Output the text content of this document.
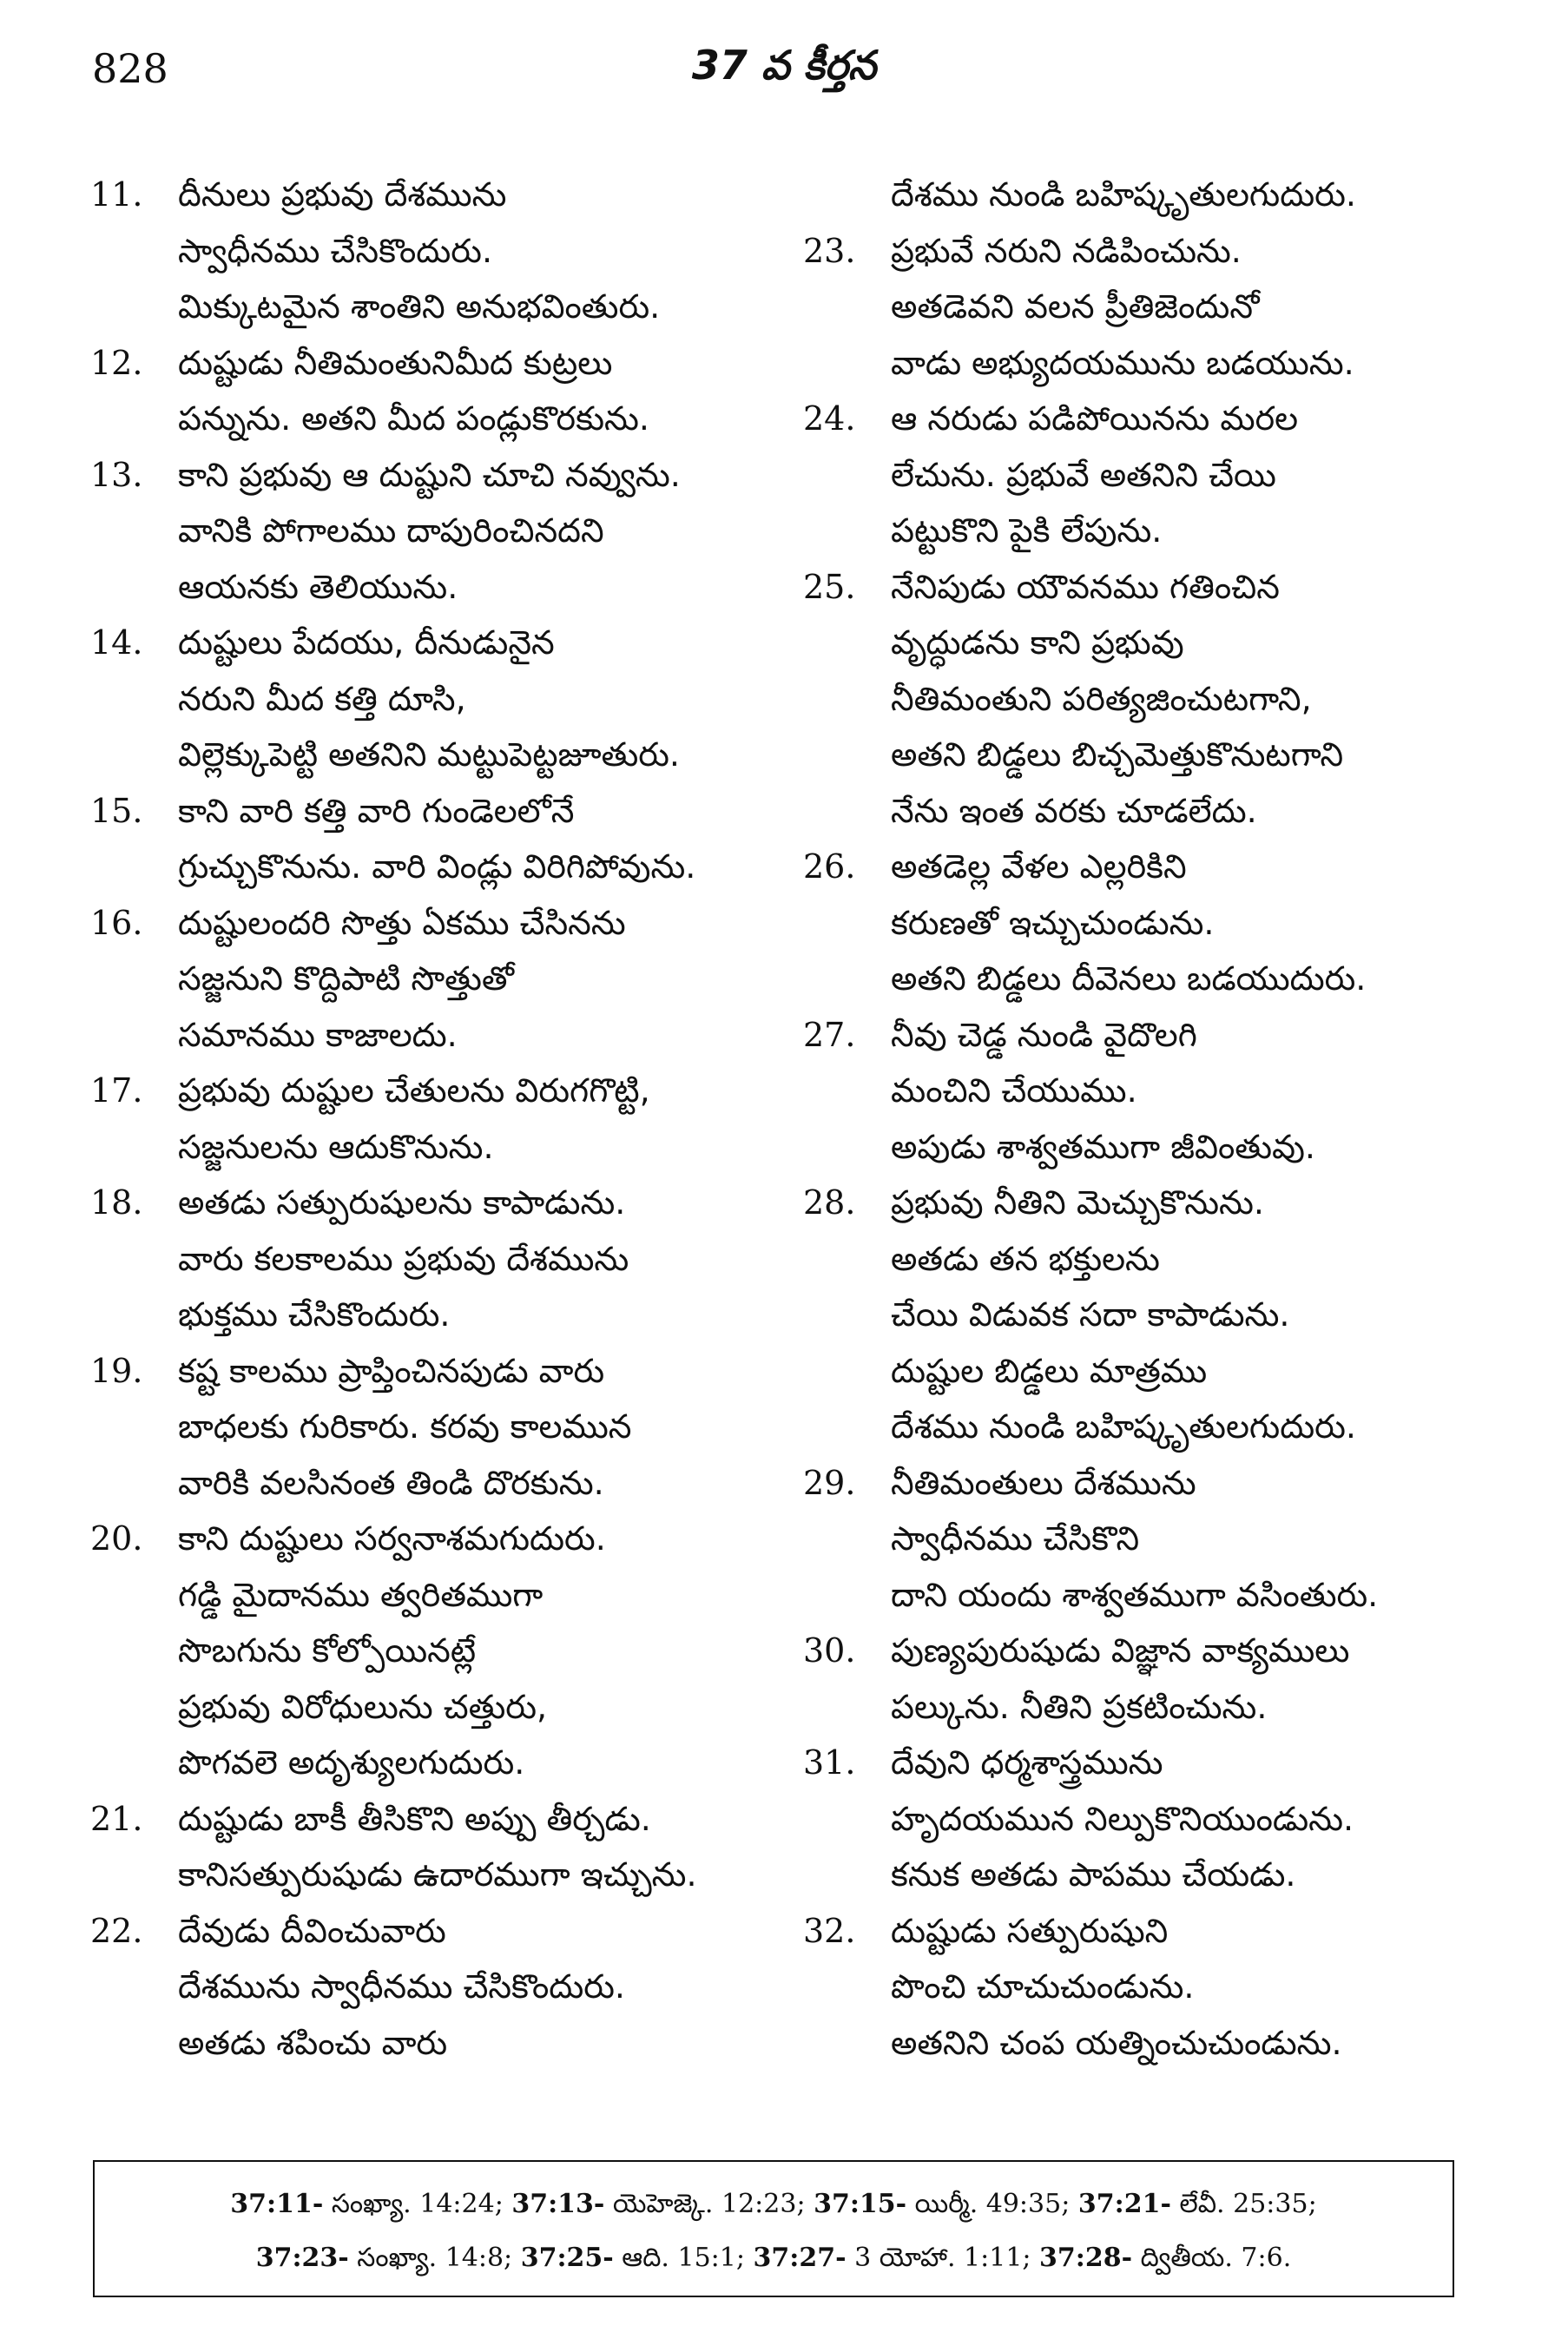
828	37 వ కీర్తన
11.	దీనులు ప్రభువు దేశమును
స్వాధీనము చేసికొందురు.
మిక్కుటమైన శాంతిని అనుభవింతురు.
12.	దుష్టుడు నీతిమంతునిమీద కుట్రలు
పన్నును. అతని మీద పండ్లుకొరకును.
13.	కాని ప్రభువు ఆ దుష్టుని చూచి నవ్వును.
వానికి పోగాలము దాపురించినదని
ఆయనకు తెలియును.
14.	దుష్టులు పేదయు, దీనుడునైన
నరుని మీద కత్తి దూసి,
విల్లెక్కుపెట్టి అతనిని మట్టుపెట్టజూతురు.
15.	కాని వారి కత్తి వారి గుండెలలోనే
గ్రుచ్చుకొనును. వారి విండ్లు విరిగిపోవును.
16.	దుష్టులందరి సొత్తు ఏకము చేసినను
సజ్జనుని కొద్దిపాటి సొత్తుతో
సమానము కాజాలదు.
17.	ప్రభువు దుష్టుల చేతులను విరుగగొట్టి,
సజ్జనులను ఆదుకొనును.
18.	అతడు సత్పురుషులను కాపాడును.
వారు కలకాలము ప్రభువు దేశమును
భుక్తము చేసికొందురు.
19.	కష్ట కాలము ప్రాప్తించినపుడు వారు
బాధలకు గురికారు. కరవు కాలమున
వారికి వలసినంత తిండి దొరకును.
20.	కాని దుష్టులు సర్వనాశమగుదురు.
గడ్డి మైదానము త్వరితముగా
సొబగును కోల్పోయినట్లే
ప్రభువు విరోధులును చత్తురు,
పొగవలె అదృశ్యులగుదురు.
21.	దుష్టుడు బాకీ తీసికొని అప్పు తీర్చడు.
కానిసత్పురుషుడు ఉదారముగా ఇచ్చును.
22.	దేవుడు దీవించువారు
దేశమును స్వాధీనము చేసికొందురు.
అతడు శపించు వారు
దేశము నుండి బహిష్కృతులగుదురు.
23.	ప్రభువే నరుని నడిపించును.
అతడెవని వలన ప్రీతిజెందునో
వాడు అభ్యుదయమును బడయును.
24.	ఆ నరుడు పడిపోయినను మరల
లేచును. ప్రభువే అతనిని చేయి
పట్టుకొని పైకి లేపును.
25.	నేనిపుడు యౌవనము గతించిన
వృద్ధుడను కాని ప్రభువు
నీతిమంతుని పరిత్యజించుటగాని,
అతని బిడ్డలు బిచ్చమెత్తుకొనుటగాని
నేను ఇంత వరకు చూడలేదు.
26.	అతడెల్ల వేళల ఎల్లరికిని
కరుణతో ఇచ్చుచుండును.
అతని బిడ్డలు దీవెనలు బడయుదురు.
27.	నీవు చెడ్డ నుండి వైదొలగి
మంచిని చేయుము.
అపుడు శాశ్వతముగా జీవింతువు.
28.	ప్రభువు నీతిని మెచ్చుకొనును.
అతడు తన భక్తులను
చేయి విడువక సదా కాపాడును.
దుష్టుల బిడ్డలు మాత్రము
దేశము నుండి బహిష్కృతులగుదురు.
29.	నీతిమంతులు దేశమును
స్వాధీనము చేసికొని
దాని యందు శాశ్వతముగా వసింతురు.
30.	పుణ్యపురుషుడు విజ్ఞాన వాక్యములు
పల్కును. నీతిని ప్రకటించును.
31.	దేవుని ధర్మశాస్త్రమును
హృదయమున నిల్పుకొనియుండును.
కనుక అతడు పాపము చేయడు.
32.	దుష్టుడు సత్పురుషుని
పొంచి చూచుచుండును.
అతనిని చంప యత్నించుచుండును.
37:11- సంఖ్యా. 14:24; 37:13- యెహెజ్కె. 12:23; 37:15- యిర్మీ. 49:35; 37:21- లేవీ. 25:35;
37:23- సంఖ్యా. 14:8; 37:25- ఆది. 15:1; 37:27- 3 యోహా. 1:11; 37:28- ద్వితీయ. 7:6.
